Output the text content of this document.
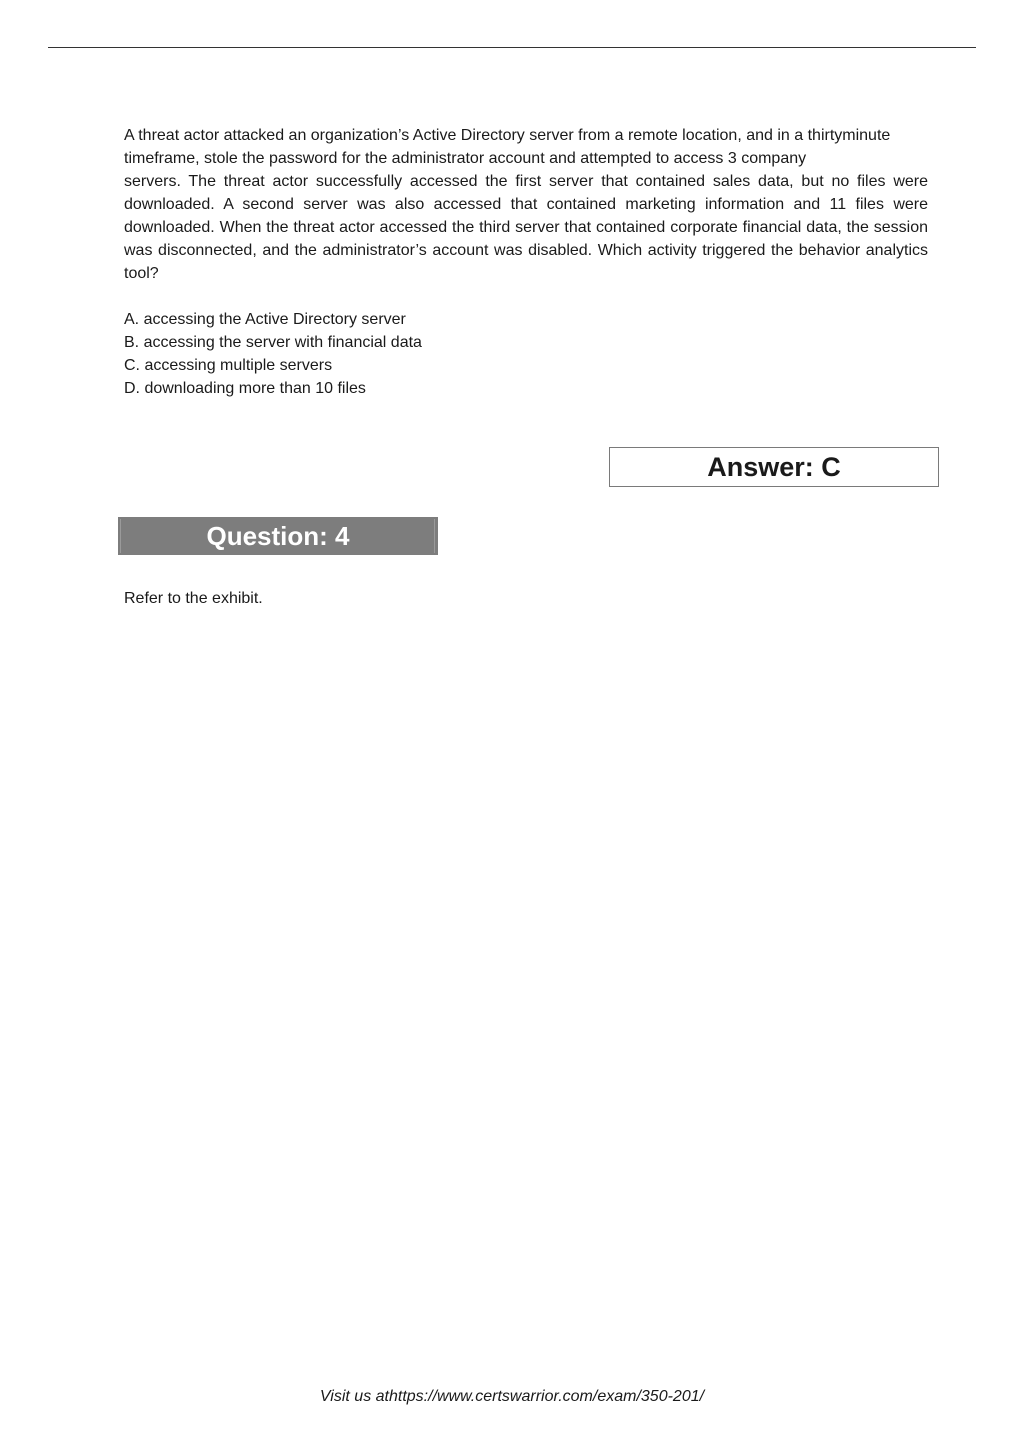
A threat actor attacked an organization’s Active Directory server from a remote location, and in a thirtyminute

timeframe, stole the password for the administrator account and attempted to access 3 company

servers. The threat actor successfully accessed the first server that contained sales data, but no files were downloaded. A second server was also accessed that contained marketing information and 11 files were downloaded. When the threat actor accessed the third server that contained corporate financial data, the session was disconnected, and the administrator’s account was disabled. Which activity triggered the behavior analytics tool?

A. accessing the Active Directory server

B. accessing the server with financial data

C. accessing multiple servers

D. downloading more than 10 files

Answer: C
Question: 4
Refer to the exhibit.
Visit us athttps://www.certswarrior.com/exam/350-201/
